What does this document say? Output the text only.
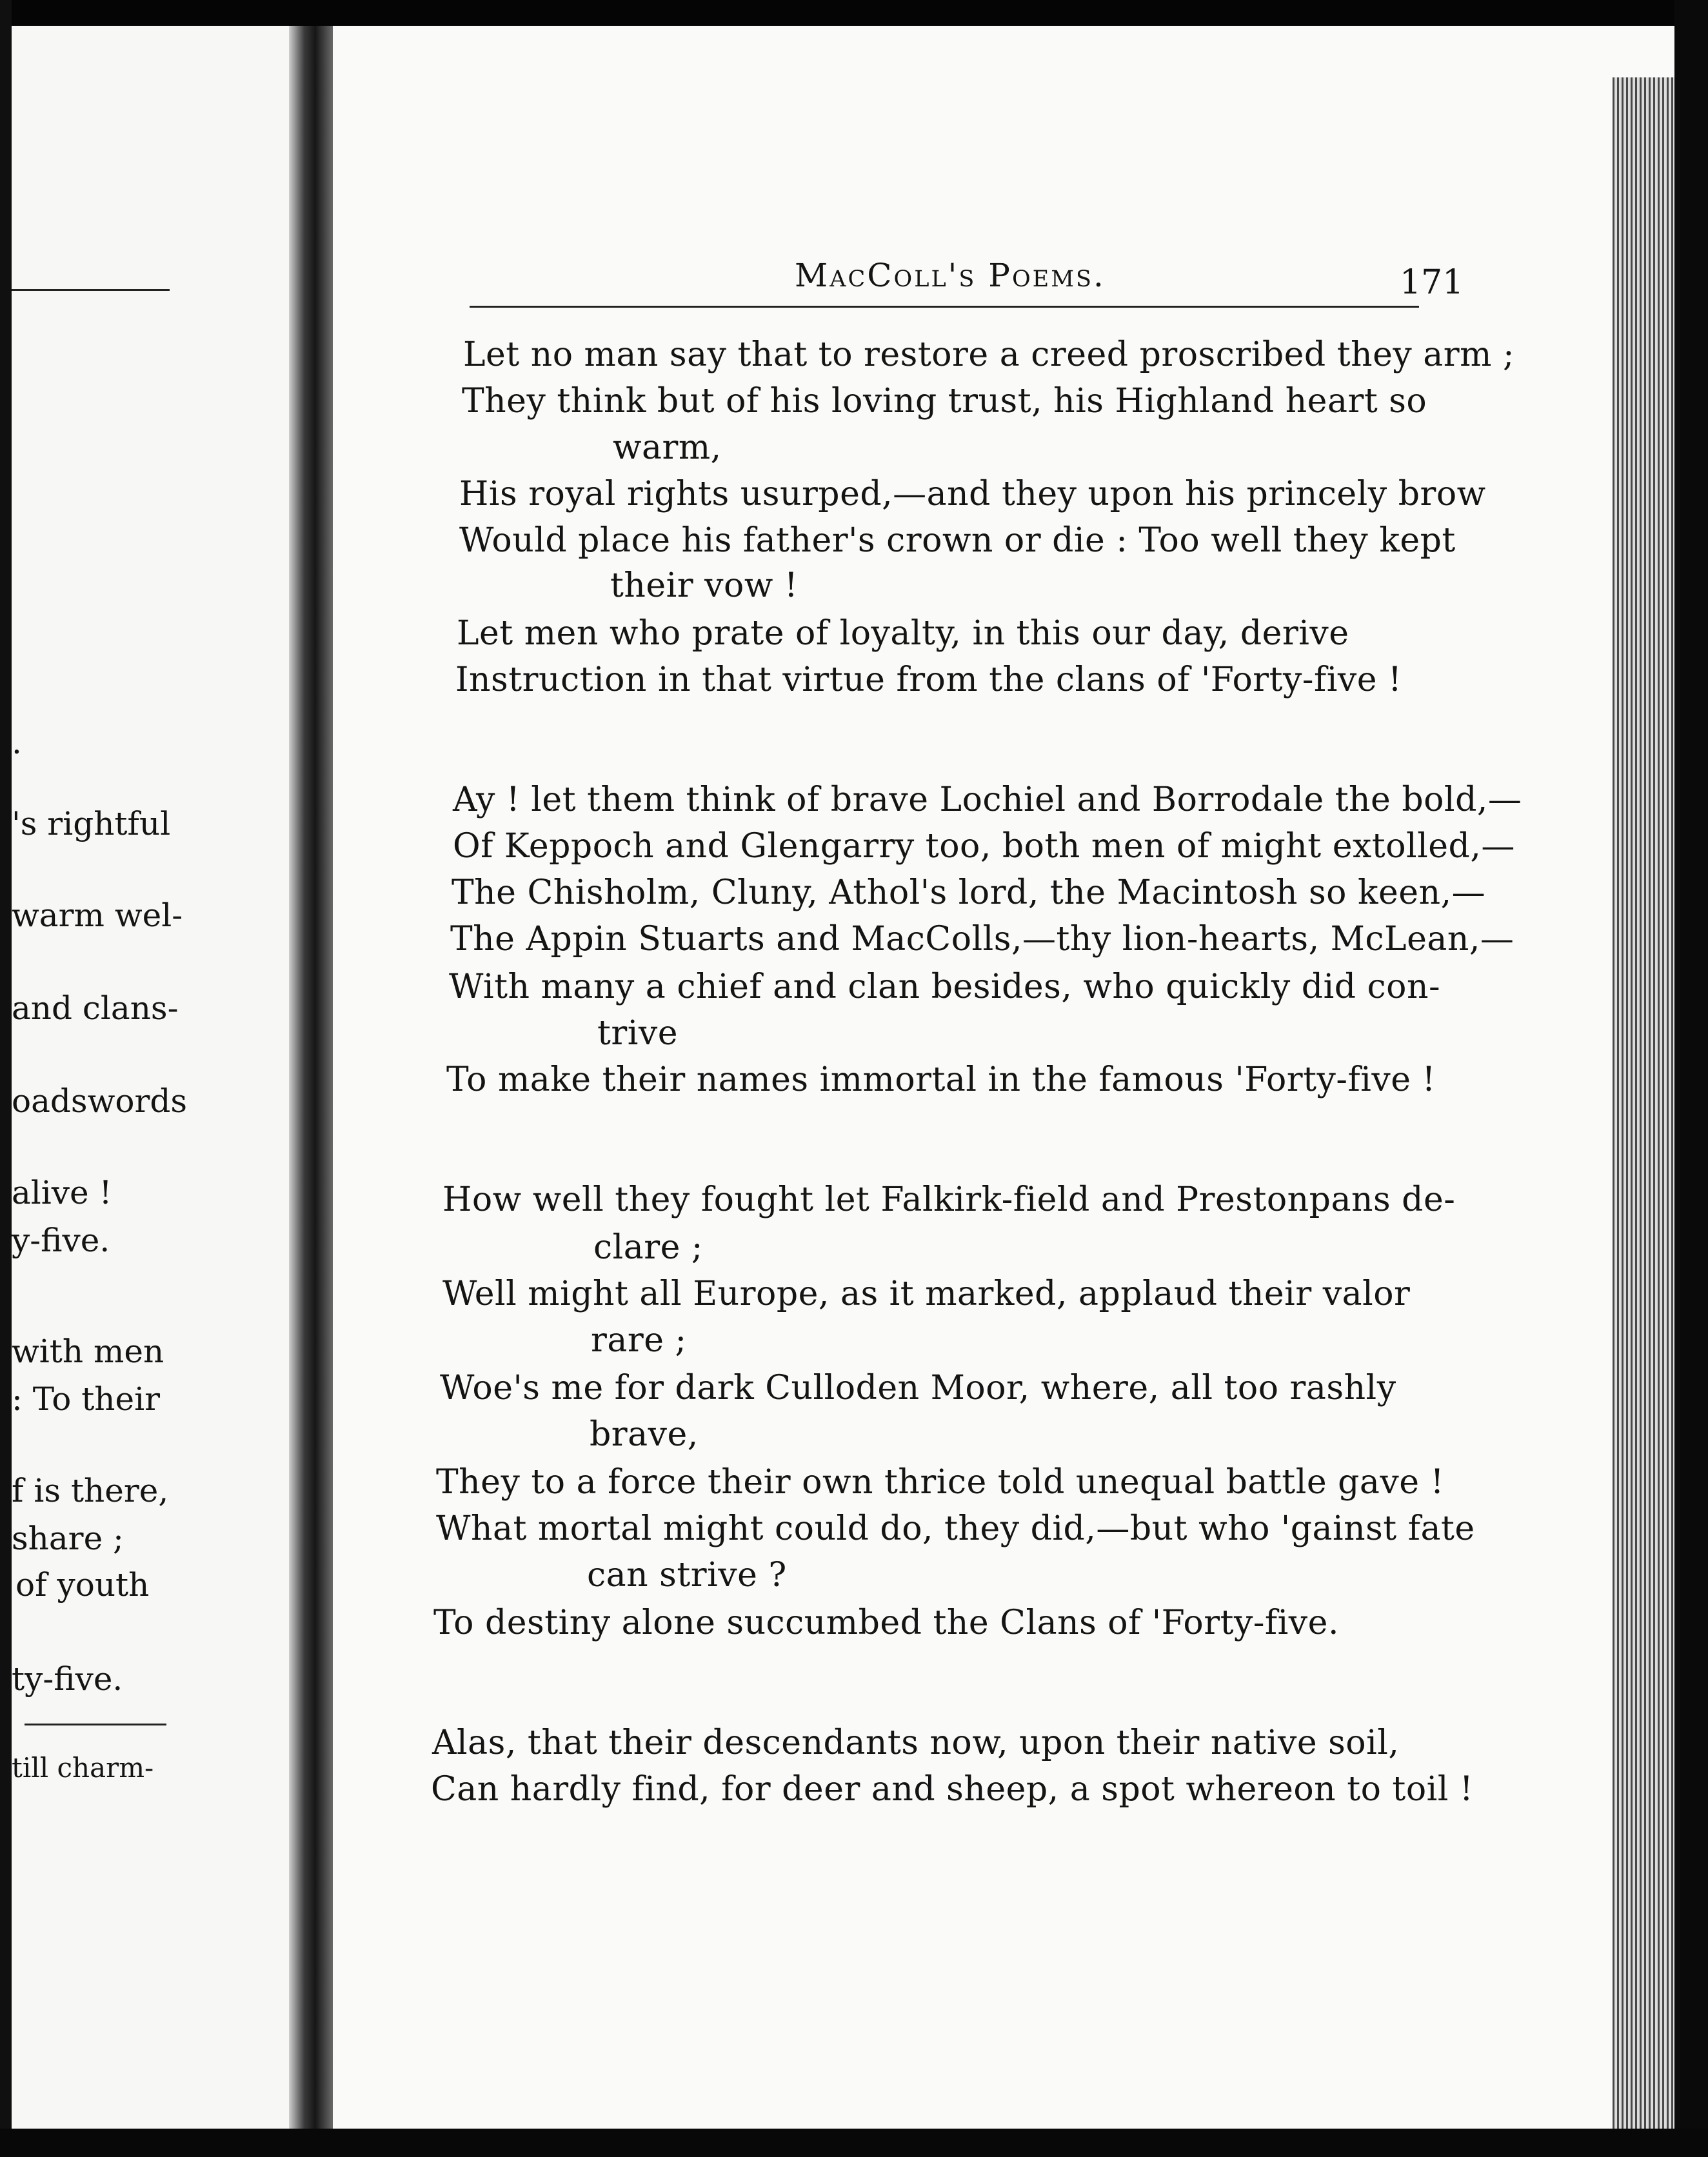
.
's rightful
warm wel-
and clans-
oadswords
alive !
y-five.
with men
: To their
f is there,
share ;
of youth
ty-five.
till charm-
MacColl's Poems.	171
Let no man say that to restore a creed proscribed they arm ;
They think but of his loving trust, his Highland heart so
warm,
His royal rights usurped,—and they upon his princely brow
Would place his father's crown or die : Too well they kept
their vow !
Let men who prate of loyalty, in this our day, derive
Instruction in that virtue from the clans of 'Forty-five !
Ay ! let them think of brave Lochiel and Borrodale the bold,—
Of Keppoch and Glengarry too, both men of might extolled,—
The Chisholm, Cluny, Athol's lord, the Macintosh so keen,—
The Appin Stuarts and MacColls,—thy lion-hearts, McLean,—
With many a chief and clan besides, who quickly did con-
trive
To make their names immortal in the famous 'Forty-five !
How well they fought let Falkirk-field and Prestonpans de-
clare ;
Well might all Europe, as it marked, applaud their valor
rare ;
Woe's me for dark Culloden Moor, where, all too rashly
brave,
They to a force their own thrice told unequal battle gave !
What mortal might could do, they did,—but who 'gainst fate
can strive ?
To destiny alone succumbed the Clans of 'Forty-five.
Alas, that their descendants now, upon their native soil,
Can hardly find, for deer and sheep, a spot whereon to toil !
